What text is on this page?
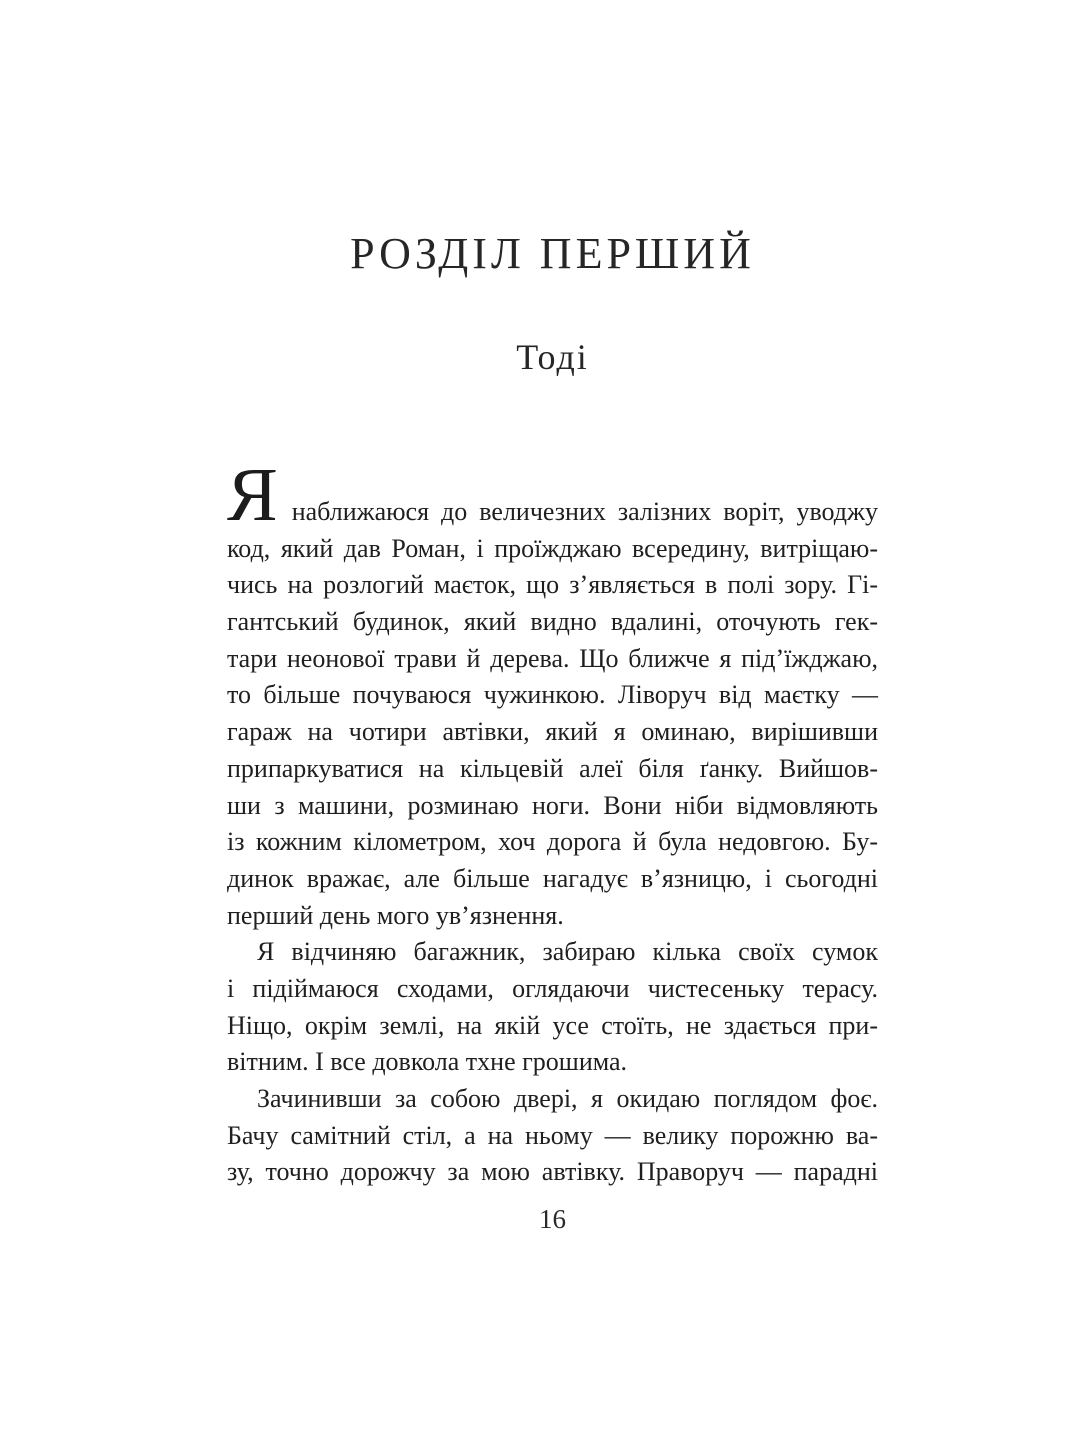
РОЗДІЛ ПЕРШИЙ
Тоді
Янаближаюся до величезних залізних воріт, уводжу
код, який дав Роман, і проїжджаю всередину, витріщаю-
чись на розлогий маєток, що з’являється в полі зору. Гі-
гантський будинок, який видно вдалині, оточують гек-
тари неонової трави й дерева. Що ближче я під’їжджаю,
то більше почуваюся чужинкою. Ліворуч від маєтку —
гараж на чотири автівки, який я оминаю, вирішивши
припаркуватися на кільцевій алеї біля ґанку. Вийшов-
ши з машини, розминаю ноги. Вони ніби відмовляють
із кожним кілометром, хоч дорога й була недовгою. Бу-
динок вражає, але більше нагадує в’язницю, і сьогодні
перший день мого ув’язнення.
Я відчиняю багажник, забираю кілька своїх сумок
і підіймаюся сходами, оглядаючи чистесеньку терасу.
Ніщо, окрім землі, на якій усе стоїть, не здається при-
вітним. І все довкола тхне грошима.
Зачинивши за собою двері, я окидаю поглядом фоє.
Бачу самітний стіл, а на ньому — велику порожню ва-
зу, точно дорожчу за мою автівку. Праворуч — парадні
16
